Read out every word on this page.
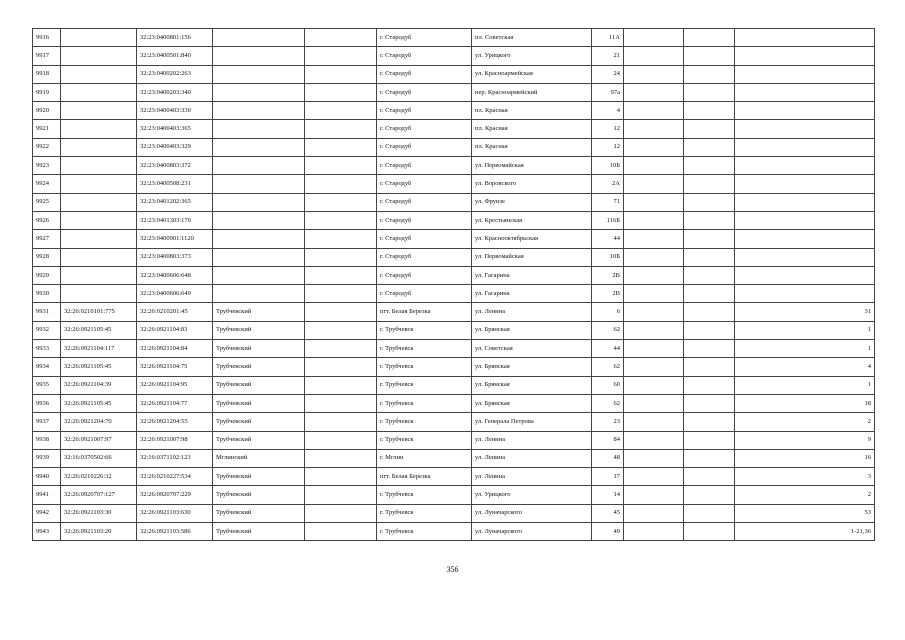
9916		32:23:0400801:156			г. Стародуб	пл. Советская	11А			
9917		32:23:0400501:840			г. Стародуб	ул. Урицкого	21			
9918		32:23:0400202:263			г. Стародуб	ул. Красноармейская	24			
9919		32:23:0400203:340			г. Стародуб	пер. Красноармейский	97а			
9920		32:23:0400403:330			г. Стародуб	пл. Красная	4			
9921		32:23:0400403:365			г. Стародуб	пл. Красная	12			
9922		32:23:0400403:329			г. Стародуб	пл. Красная	12			
9923		32:23:0400803:372			г. Стародуб	ул. Первомайская	10Б			
9924		32:23:0400508:231			г. Стародуб	ул. Воровского	2А			
9925		32:23:0401202:365			г. Стародуб	ул. Фрунзе	71			
9926		32:23:0401303:170			г. Стародуб	ул. Крестьянская	116Б			
9927		32:23:0400901:1120			г. Стародуб	ул. Краснооктябрьская	44			
9928		32:23:0400803:373			г. Стародуб	ул. Первомайская	10Б			
9929		32:23:0400606:648			г. Стародуб	ул. Гагарина	2В			
9930		32:23:0400606:649			г. Стародуб	ул. Гагарина	2В			
9931	32:26:0210101:775	32:26:0210201:45	Трубчевский		пгт. Белая Березка	ул. Ленина	6			31
9932	32:26:0921105:45	32:26:0921104:83	Трубчевский		г. Трубчевск	ул. Брянская	62			1
9933	32:26:0921104:117	32:26:0921104:84	Трубчевский		г. Трубчевск	ул. Советская	44			1
9934	32:26:0921105:45	32:26:0921104:75	Трубчевский		г. Трубчевск	ул. Брянская	62			4
9935	32:26:0921104:39	32:26:0921104:95	Трубчевский		г. Трубчевск	ул. Брянская	60			1
9936	32:26:0921105:45	32:26:0921104:77	Трубчевский		г. Трубчевск	ул. Брянская	62			18
9937	32:26:0921204:70	32:26:0921204:55	Трубчевский		г. Трубчевск	ул. Генерала Петрова	23			2
9938	32:26:0921007:97	32:26:0921007:98	Трубчевский		г. Трубчевск	ул. Ленина	84			9
9939	32:16:0370502:66	32:16:0371102:123	Мглинский		г. Мглин	ул. Ленина	48			16
9940	32:26:0210226:32	32:26:0210227:534	Трубчевский		пгт. Белая Березка	ул. Ленина	17			3
9941	32:26:0920707:127	32:26:0920707:229	Трубчевский		г. Трубчевск	ул. Урицкого	14			2
9942	32:26:0921103:30	32:26:0921103:630	Трубчевский		г. Трубчевск	ул. Луначарского	45			53
9943	32:26:0921103:20	32:26:0921103:586	Трубчевский		г. Трубчевск	ул. Луначарского	49			1-21,36
356
